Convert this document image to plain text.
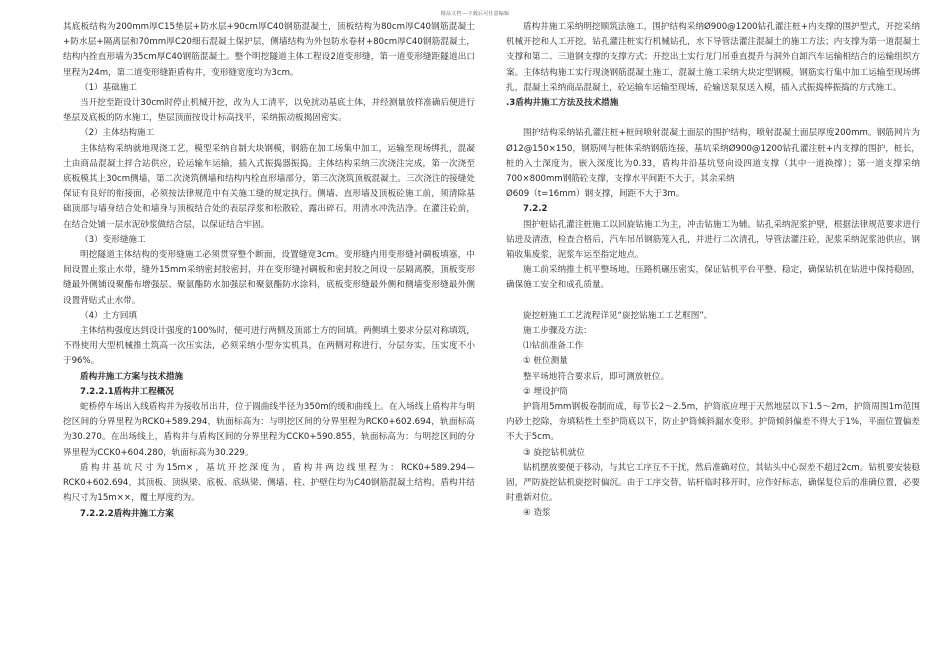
精品文档---下载后可任意编辑

其底板结构为200mm厚C15垫层+防水层+90cm厚C40钢筋混凝土，顶板结构为80cm厚C40钢筋混凝土+防水层+隔离层和70mm厚C20细石混凝土保护层，侧墙结构为外包防水卷材+80cm厚C40钢筋混凝土，结构内拴直形墙为35cm厚C40钢筋混凝土。整个明挖隧道主体工程设2道变形缝，第一道变形缝距隧道出口里程为24m，第二道变形缝距盾构井，变形缝宽度均为3cm。

（1）基础施工

当开挖至距设计30cm时停止机械开挖，改为人工清平，以免扰动基底土体，并经测量放样准确后便进行垫层及底板的防水施工，垫层顶面按设计标高找平，采纳振动板揭固密实。

（2）主体结构施工

主体结构采纳就地现浇工艺，模型采纳自制大块钢模，钢筋在加工场集中加工，运输至现场绑扎，混凝土由商品混凝土拌合站供应，砼运输车运输，插入式振捣器振捣。主体结构采纳三次浇注完成，第一次浇至底板模其上30cm侧墙，第二次浇筑侧墙和结构内栓直形墙部分，第三次浇筑顶板混凝土。三次浇注的接缝处保证有良好的衔接面，必须按法律规范中有关施工缝的规定执行。侧墙、直形墙及顶板砼施工前，须清除基础顶部与墙身结合处和墙身与顶板结合处的表层浮浆和松散砼，露出碎石，用清水冲洗洁净。在灌注砼前，在结合处铺一层水泥砂浆做结合层，以保证结合牢固。

（3）变形缝施工

明挖隧道主体结构的变形缝施工必须贯穿整个断面，设置缝宽3cm。变形缝内用变形缝衬碉板填塞，中间设置止浆止水带，缝外15mm采纳密封胶密封，并在变形缝衬碉板和密封胶之间设一层隔离膜，顶板变形缝最外侧铺设聚酯布增强层、聚氨酯防水加强层和聚氨酯防水涂料，底板变形缝最外侧和侧墙变形缝最外侧设置背贴式止水带。

（4）土方回填

主体结构强度达到设计强度的100%时，便可进行两侧及顶部土方的回填。两侧填土要求分层对称填筑，不得使用大型机械推土筑高一次压实法，必须采纳小型夯实机具，在两侧对称进行，分层夯实，压实度不小于96%。

盾构井施工方案与技术措施

7.2.2.1盾构井工程概况

蛇桥停车场出入线盾构井为接收吊出井，位于圆曲线半径为350m的缓和曲线上。在入场线上盾构井与明挖区间的分界里程为RCK0+589.294，轨面标高为：与明挖区间的分界里程为RCK0+602.694，轨面标高为30.270。在出场线上，盾构井与盾构区间的分界里程为CCK0+590.855，轨面标高为：与明挖区间的分界里程为CCK0+604.280，轨面标高为30.229。

盾构井基坑尺寸为15m×，基坑开挖深度为，盾构井两边线里程为：RCK0+589.294—RCK0+602.694，其顶板、顶纵梁、底板、底纵梁、侧墙、柱、护壁住均为C40钢筋混凝土结构，盾构井结构尺寸为15m××，覆土厚度约为。

7.2.2.2盾构井施工方案

盾构井施工采纳明挖顺筑法施工，围护结构采纳Ø900@1200钻孔灌注桩+内支撑的围护型式，开挖采纳机械开挖和人工开挖，钻孔灌注桩实行机械钻孔，水下导管法灌注混凝土的施工方法；内支撑为第一道混凝土支撑和第二、三道钢支撑的支撑方式；开挖出土实行龙门吊垂直提升与洞外自卸汽车运输相结合的运输组织方案。主体结构施工实行现浇钢筋混凝土施工，混凝土施工采纳大块定型钢模，钢筋实行集中加工运输至现场绑扎，混凝土采纳商品混凝土，砼运输车运输至现场，砼输送泵泵送入模，插入式振捣棒振捣的方式施工。

.3盾构井施工方法及技术措施

围护结构采纳钻孔灌注桩+桩间喷射混凝土面层的围护结构，喷射混凝土面层厚度200mm。钢筋网片为Ø12@150×150，钢筋网与桩体采纳钢筋连接，基坑采纳Ø900@1200钻孔灌注桩+内支撑的围护，桩长，桩的入土深度为，嵌入深度比为0.33，盾构井沿基坑竖向设四道支撑（其中一道换撑）；第一道支撑采纳700×800mm钢筋砼支撑，支撑水平间距不大于，其余采纳

Ø609（t=16mm）钢支撑，间距不大于3m。

7.2.2

围护桩钻孔灌注桩施工以回旋钻施工为主，冲击钻施工为辅。钻孔采纳泥浆护壁，根据法律规范要求进行钻进及清渣，检查合格后，汽车吊吊钢筋笼入孔，并进行二次清孔，导管法灌注砼，泥浆采纳泥浆池供应，钢箱收集废浆，泥浆车运至指定地点。

施工前采纳推土机平整场地，压路机碾压密实，保证钻机平台平整、稳定，确保钻机在钻进中保持稳固，确保施工安全和成孔质量。

旋挖桩施工工艺流程详见“旋挖钻施工工艺框图”。

施工步骤及方法：

⑴钻前准备工作

① 桩位测量

整平场地符合要求后，即可测放桩位。

② 埋设护筒

护筒用5mm钢板卷制而成，每节长2～2.5m，护筒底应埋于天然地层以下1.5～2m，护筒周围1m范围内砂土挖除，夯填粘性土至护筒底以下，防止护筒倾斜漏水变形。护筒倾斜偏差不得大于1%，平面位置偏差不大于5cm。

③ 旋挖钻机就位

钻机摆放要便于移动，与其它工序互不干扰，然后准确对位，其钻头中心误差不超过2cm。钻机要安装稳固，严防旋挖钻机旋挖时偏沉。由于工序交替，钻杆临时移开时，应作好标志，确保复位后的准确位置，必要时重新对位。

④ 造浆
